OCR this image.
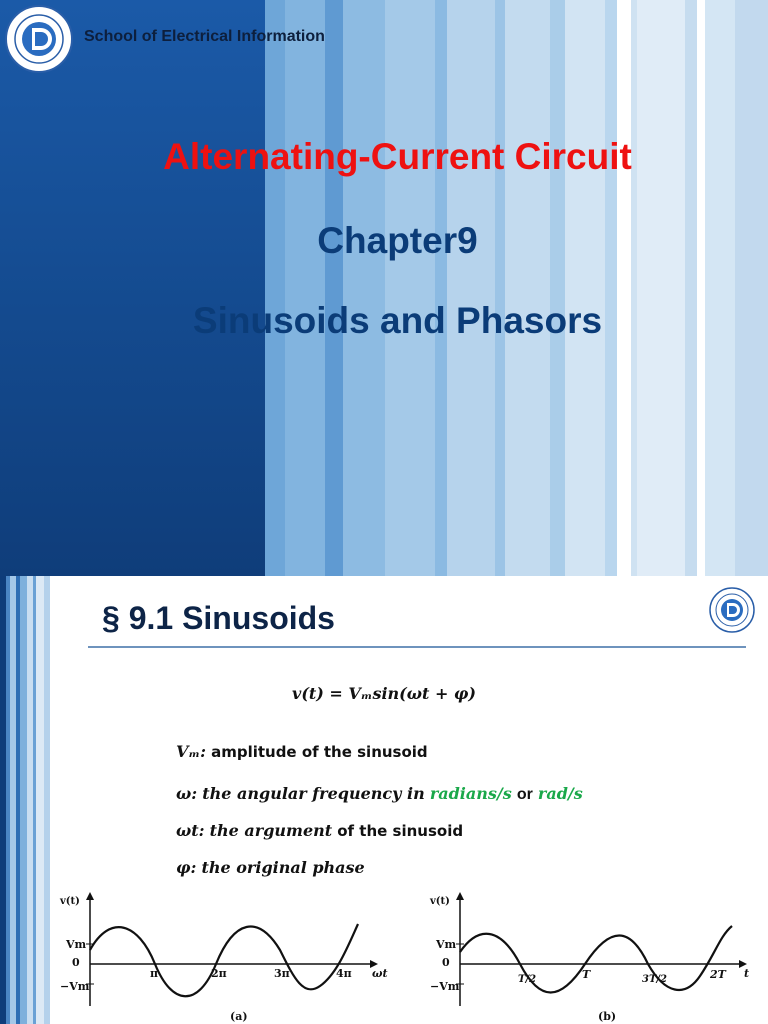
School of Electrical Information
Alternating-Current Circuit
Chapter9
Sinusoids and Phasors
§ 9.1 Sinusoids
v(t) = Vₘsin(ωt + φ)
Vₘ: amplitude of the sinusoid
ω: the angular frequency in radians/s or rad/s
ωt: the argument of the sinusoid
φ: the original phase
v(t)
Vm
0
−Vm
π	2π	3π	4π ωt
(a)
v(t)
Vm
0
−Vm
T/2	T	3T/2	2T t
(b)
